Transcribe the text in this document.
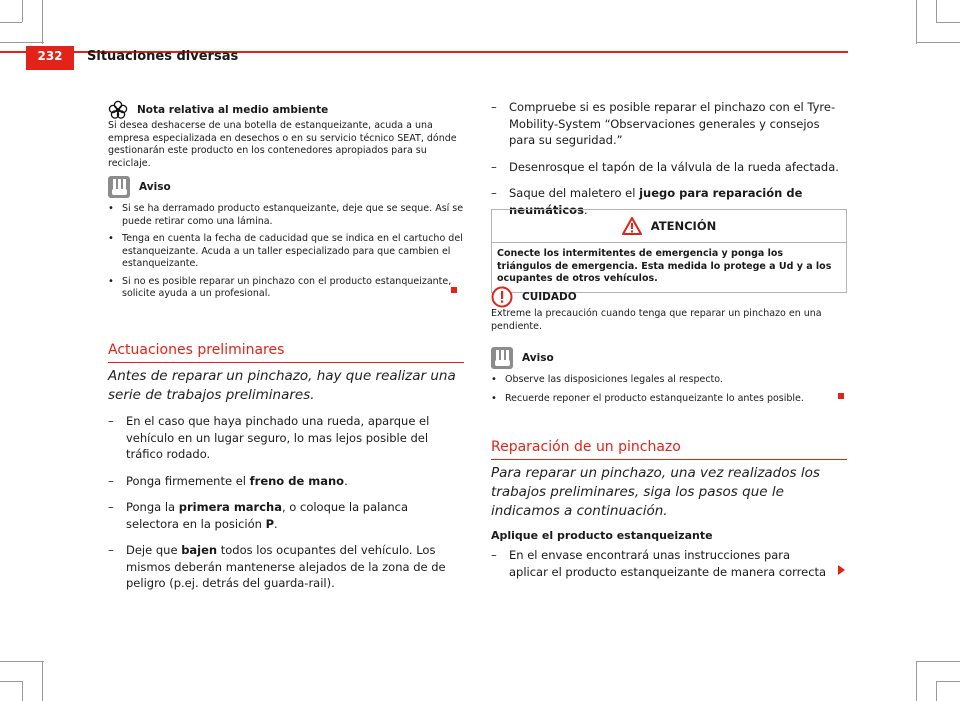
232	Situaciones diversas
Nota relativa al medio ambiente
Si desea deshacerse de una botella de estanqueizante, acuda a una empresa especializada en desechos o en su servicio técnico SEAT, dónde gestionarán este producto en los contenedores apropiados para su reciclaje.
Aviso
• Si se ha derramado producto estanqueizante, deje que se seque. Así se puede retirar como una lámina.
• Tenga en cuenta la fecha de caducidad que se indica en el cartucho del estanqueizante. Acuda a un taller especializado para que cambien el estanqueizante.
• Si no es posible reparar un pinchazo con el producto estanqueizante, solicite ayuda a un profesional.
Actuaciones preliminares
Antes de reparar un pinchazo, hay que realizar una serie de trabajos preliminares.
– En el caso que haya pinchado una rueda, aparque el vehículo en un lugar seguro, lo mas lejos posible del tráfico rodado.
– Ponga firmemente el freno de mano.
– Ponga la primera marcha, o coloque la palanca selectora en la posición P.
– Deje que bajen todos los ocupantes del vehículo. Los mismos deberán mantenerse alejados de la zona de de peligro (p.ej. detrás del guarda-rail).
– Compruebe si es posible reparar el pinchazo con el Tyre-Mobility-System “Observaciones generales y consejos para su seguridad.”
– Desenrosque el tapón de la válvula de la rueda afectada.
– Saque del maletero el juego para reparación de neumáticos.
ATENCIÓN
Conecte los intermitentes de emergencia y ponga los triángulos de emergencia. Esta medida lo protege a Ud y a los ocupantes de otros vehículos.
CUIDADO
Extreme la precaución cuando tenga que reparar un pinchazo en una pendiente.
Aviso
• Observe las disposiciones legales al respecto.
• Recuerde reponer el producto estanqueizante lo antes posible.
Reparación de un pinchazo
Para reparar un pinchazo, una vez realizados los trabajos preliminares, siga los pasos que le indicamos a continuación.
Aplique el producto estanqueizante
– En el envase encontrará unas instrucciones para aplicar el producto estanqueizante de manera correcta
